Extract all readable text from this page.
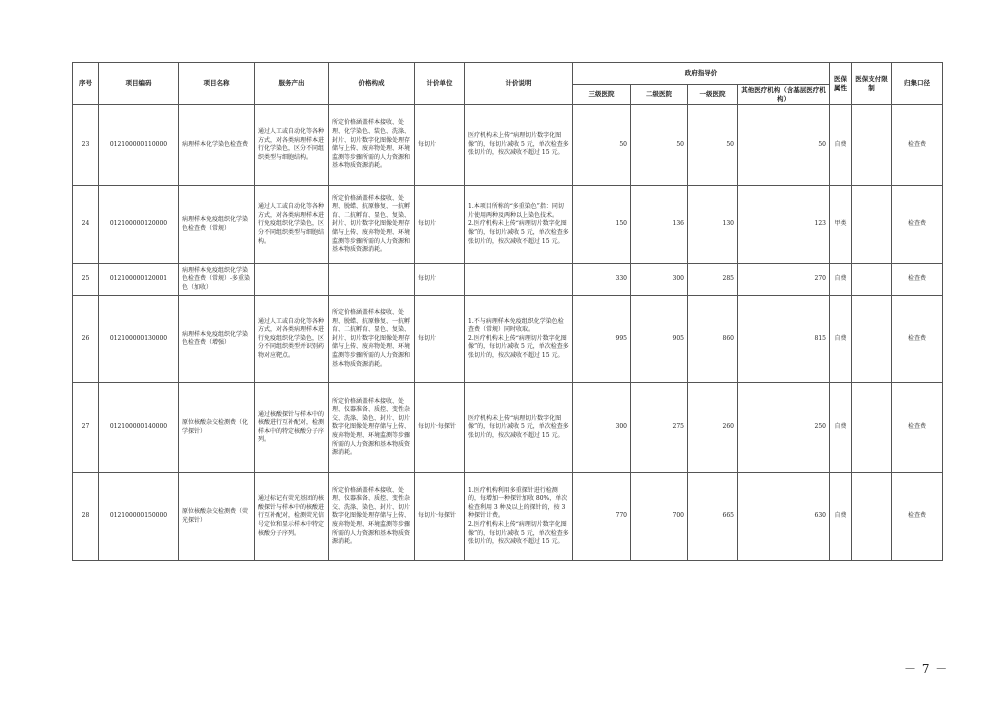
序号	项目编码	项目名称	服务产出	价格构成	计价单位	计价说明	政府指导价				医保属性	医保支付限制	归集口径
							三级医院	二级医院	一级医院	其他医疗机构（含基层医疗机构）			
23	012100000110000	病理样本化学染色检查费	通过人工或自动化等各种方式，对各类病理样本进行化学染色，区分不同组织类型与细胞结构。	所定价格涵盖样本接收、处理、化学染色、装色、洗涤、封片、切片数字化图像处理存储与上传、废弃物处理、环境监测等步骤所需的人力资源和基本物质资源消耗。	每切片	医疗机构未上传“病理切片数字化图像”的，每切片减收 5 元，单次检查多张切片的，按次减收不超过 15 元。	50	50	50	50	自费		检查费
24	012100000120000	病理样本免疫组织化学染色检查费（常规）	通过人工或自动化等各种方式，对各类病理样本进行免疫组织化学染色，区分不同组织类型与细胞结构。	所定价格涵盖样本接收、处理、脱蜡、抗原修复、一抗孵育、二抗孵育、显色、复染、封片、切片数字化图像处理存储与上传、废弃物处理、环境监测等步骤所需的人力资源和基本物质资源消耗。	每切片	1.本项目所称的“多重染色”指：同切片使用两种及两种以上染色技术。
2.医疗机构未上传“病理切片数字化图像”的，每切片减收 5 元，单次检查多张切片的，按次减收不超过 15 元。	150	136	130	123	甲类		检查费
25	012100000120001	病理样本免疫组织化学染色检查费（常规）-多重染色（加收）			每切片		330	300	285	270	自费		检查费
26	012100000130000	病理样本免疫组织化学染色检查费（增强）	通过人工或自动化等各种方式，对各类病理样本进行免疫组织化学染色，区分不同组织类型并识别药物对应靶点。	所定价格涵盖样本接收、处理、脱蜡、抗原修复、一抗孵育、二抗孵育、显色、复染、封片、切片数字化图像处理存储与上传、废弃物处理、环境监测等步骤所需的人力资源和基本物质资源消耗。	每切片	1.不与病理样本免疫组织化学染色检查费（常规）同时收取。
2.医疗机构未上传“病理切片数字化图像”的，每切片减收 5 元，单次检查多张切片的，按次减收不超过 15 元。	995	905	860	815	自费		检查费
27	012100000140000	原位核酸杂交检测费（化学探针）	通过核酸探针与样本中的核酸进行互补配对，检测样本中的特定核酸分子序列。	所定价格涵盖样本接收、处理、仪器准备、质控、变性杂交、洗涤、染色、封片、切片数字化图像处理存储与上传、废弃物处理、环境监测等步骤所需的人力资源和基本物质资源消耗。	每切片·每探针	医疗机构未上传“病理切片数字化图像”的，每切片减收 5 元，单次检查多张切片的，按次减收不超过 15 元。	300	275	260	250	自费		检查费
28	012100000150000	原位核酸杂交检测费（荧光探针）	通过标记有荧光基团的核酸探针与样本中的核酸进行互补配对，检测荧光信号定位和显示样本中特定核酸分子序列。	所定价格涵盖样本接收、处理、仪器准备、质控、变性杂交、洗涤、染色、封片、切片数字化图像处理存储与上传、废弃物处理、环境监测等步骤所需的人力资源和基本物质资源消耗。	每切片·每探针	1.医疗机构利用多重探针进行检测的，每增加一种探针加收 80%，单次检查利用 3 种及以上的探针的，按 3 种探针计费。
2.医疗机构未上传“病理切片数字化图像”的，每切片减收 5 元，单次检查多张切片的，按次减收不超过 15 元。	770	700	665	630	自费		检查费
－ 7 －
